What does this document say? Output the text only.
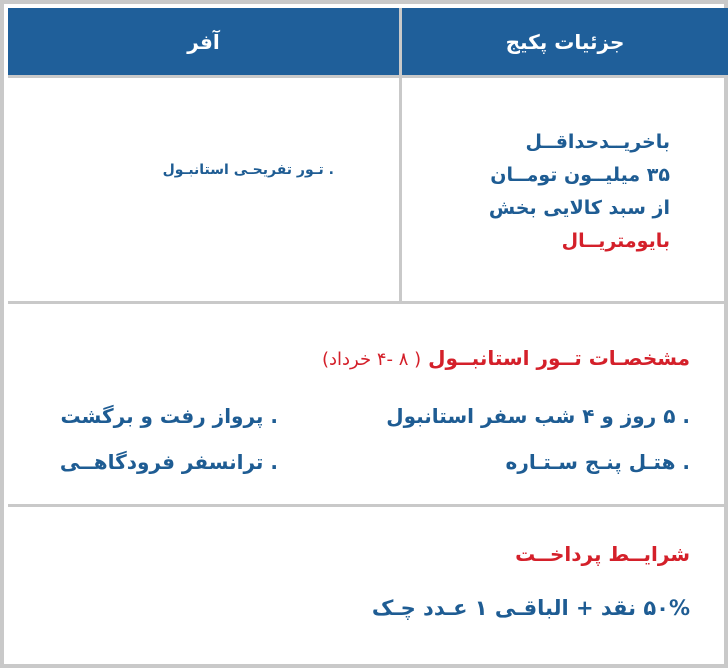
جزئیات پکیج
آفر
باخریــدحداقــل
۳۵ میلیــون تومــان
از سبد کالایی بخش
بایومتریــال
. تـور تفریحـی استانبـول
مشخصـات تــور استانبــول ( ۸ -۴ خرداد)
. ۵ روز و ۴ شب سفر استانبول
. هتـل پنـج سـتـاره
. پرواز رفت و برگشت
. ترانسفر فرودگاهــی
شرایــط پرداخــت
۵۰% نقد + الباقـی ۱ عـدد چـک
